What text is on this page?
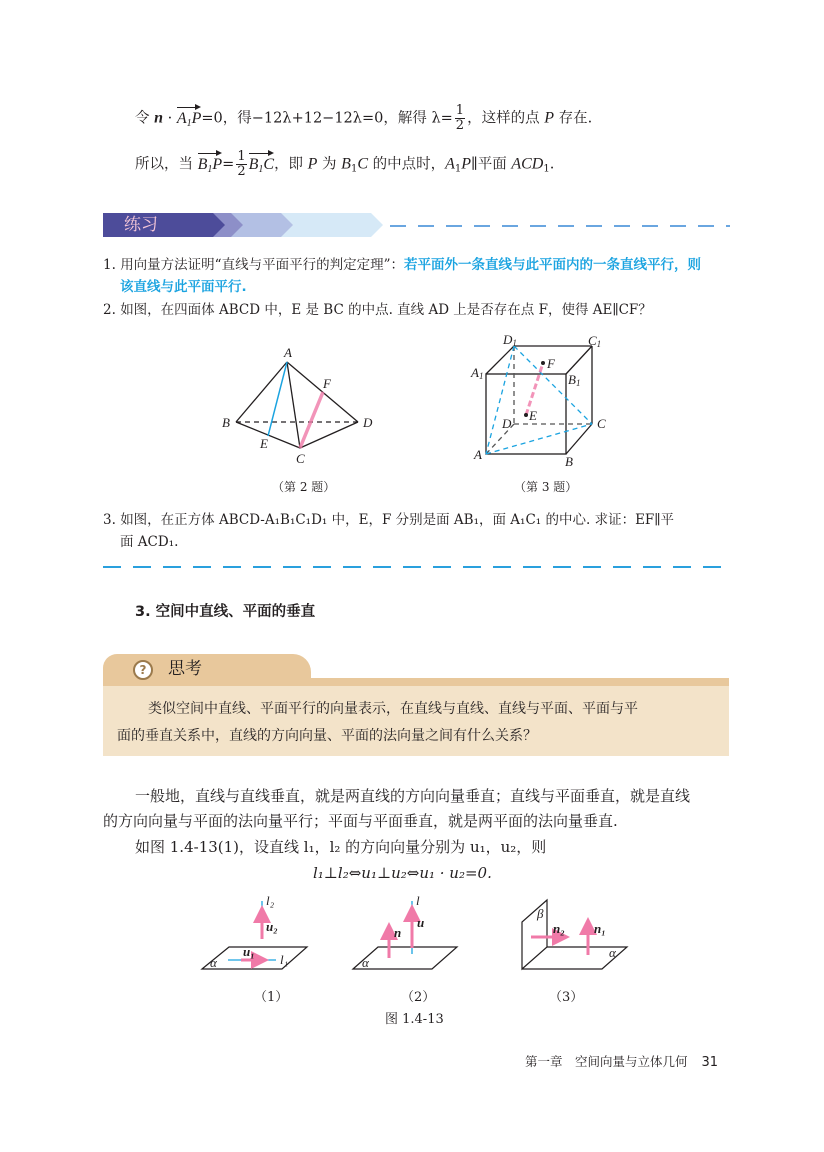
令 $n \cdot A_1P=0$，得−12λ+12−12λ=0，解得 $\lambda= \frac{1}{2}$ ，这样的点 P 存在.
所以，当 $B_1P= \frac{1}{2} B_1C$，即 P 为 $B_1C$ 的中点时，$A_1P\parallel$平面 $ACD_1$.
练习
1. 用向量方法证明“直线与平面平行的判定定理”：若平面外一条直线与此平面内的一条直线平行，则
该直线与此平面平行.
2. 如图，在四面体 ABCD 中，E 是 BC 的中点. 直线 AD 上是否存在点 F，使得 AE∥CF？
A
B
C
D
E
F
A	B
C
D
A1	B1
C1
D1
E
F
（第 2 题）	（第 3 题）
3. 如图，在正方体 ABCD-A₁B₁C₁D₁ 中，E，F 分别是面 AB₁，面 A₁C₁ 的中心. 求证：EF∥平
面 ACD₁.
3. 空间中直线、平面的垂直
?	思考
类似空间中直线、平面平行的向量表示，在直线与直线、直线与平面、平面与平
面的垂直关系中，直线的方向向量、平面的法向量之间有什么关系？
一般地，直线与直线垂直，就是两直线的方向向量垂直；直线与平面垂直，就是直线
的方向向量与平面的法向量平行；平面与平面垂直，就是两平面的法向量垂直.
如图 1.4-13(1)，设直线 l₁，l₂ 的方向向量分别为 u₁，u₂，则
l₁⊥l₂⇔u₁⊥u₂⇔u₁ · u₂=0.
l₂
u₂
u₁
l₁
α
l
u
n
α
β
n₂ n₁
α
（1）	（2）	（3）
图 1.4-13
第一章　空间向量与立体几何 31
